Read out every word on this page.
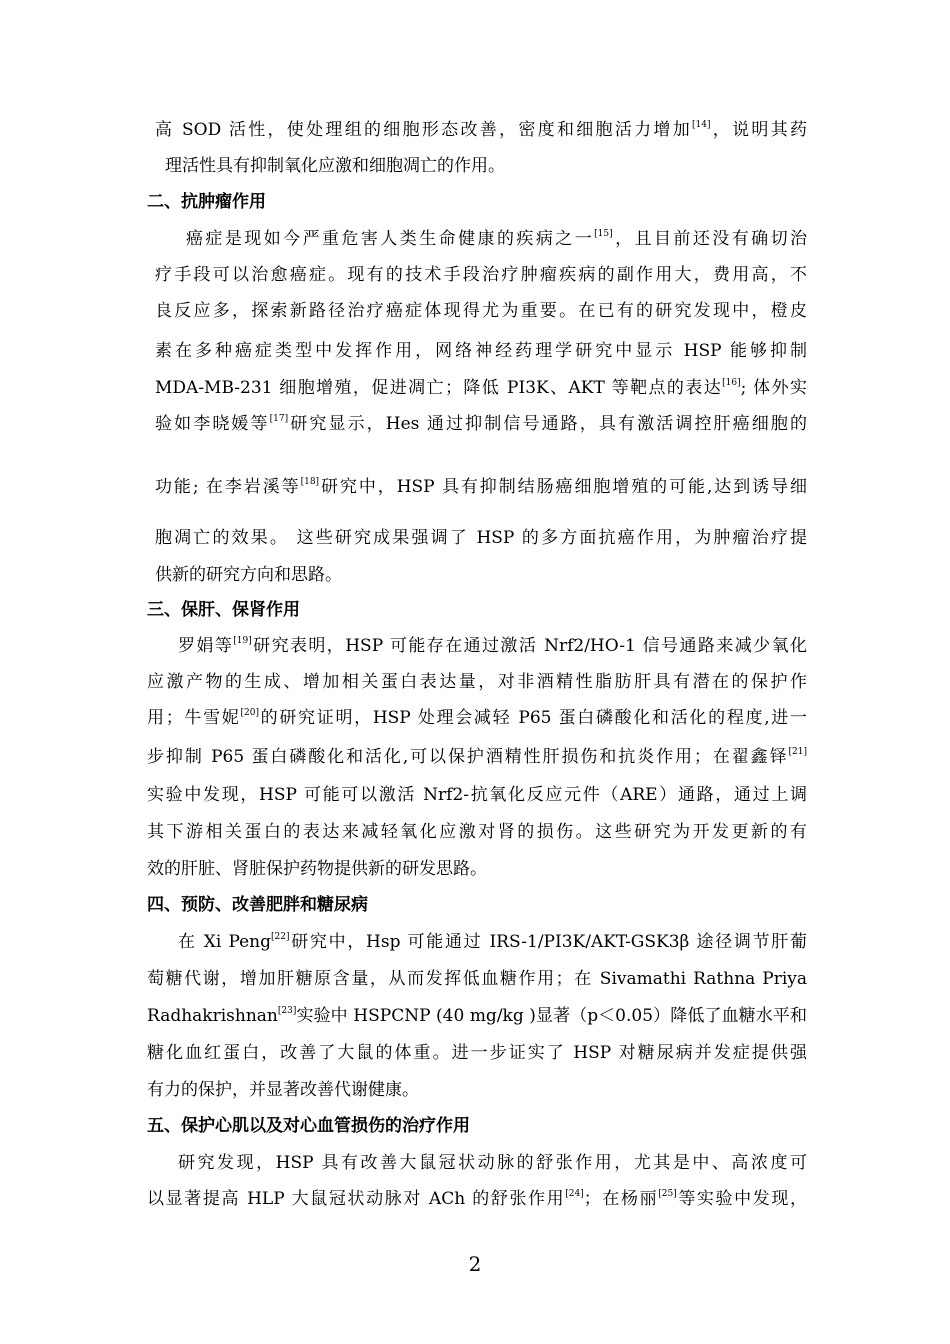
高 SOD 活性，使处理组的细胞形态改善，密度和细胞活力增加[14]，说明其药
理活性具有抑制氧化应激和细胞凋亡的作用。
二、抗肿瘤作用
癌症是现如今严重危害人类生命健康的疾病之一[15]，且目前还没有确切治
疗手段可以治愈癌症。现有的技术手段治疗肿瘤疾病的副作用大，费用高，不
良反应多，探索新路径治疗癌症体现得尤为重要。在已有的研究发现中，橙皮
素在多种癌症类型中发挥作用，网络神经药理学研究中显示 HSP 能够抑制
MDA-MB-231 细胞增殖，促进凋亡；降低 PI3K、AKT 等靶点的表达[16]; 体外实
验如李晓媛等[17]研究显示，Hes 通过抑制信号通路，具有激活调控肝癌细胞的
功能; 在李岩溪等[18]研究中，HSP 具有抑制结肠癌细胞增殖的可能,达到诱导细
胞凋亡的效果。 这些研究成果强调了 HSP 的多方面抗癌作用，为肿瘤治疗提
供新的研究方向和思路。
三、保肝、保肾作用
罗娟等[19]研究表明，HSP 可能存在通过激活 Nrf2/HO-1 信号通路来减少氧化
应激产物的生成、增加相关蛋白表达量，对非酒精性脂肪肝具有潜在的保护作
用；牛雪妮[20]的研究证明，HSP 处理会减轻 P65 蛋白磷酸化和活化的程度,进一
步抑制 P65 蛋白磷酸化和活化,可以保护酒精性肝损伤和抗炎作用；在翟鑫铎[21]
实验中发现，HSP 可能可以激活 Nrf2-抗氧化反应元件（ARE）通路，通过上调
其下游相关蛋白的表达来减轻氧化应激对肾的损伤。这些研究为开发更新的有
效的肝脏、肾脏保护药物提供新的研发思路。
四、预防、改善肥胖和糖尿病
在 Xi Peng[22]研究中，Hsp 可能通过 IRS-1/PI3K/AKT-GSK3β 途径调节肝葡
萄糖代谢，增加肝糖原含量，从而发挥低血糖作用；在 Sivamathi Rathna Priya
Radhakrishnan[23]实验中 HSPCNP (40 mg/kg )显著（p＜0.05）降低了血糖水平和
糖化血红蛋白，改善了大鼠的体重。进一步证实了 HSP 对糖尿病并发症提供强
有力的保护，并显著改善代谢健康。
五、保护心肌以及对心血管损伤的治疗作用
研究发现，HSP 具有改善大鼠冠状动脉的舒张作用，尤其是中、高浓度可
以显著提高 HLP 大鼠冠状动脉对 ACh 的舒张作用[24]；在杨丽[25]等实验中发现，
2
